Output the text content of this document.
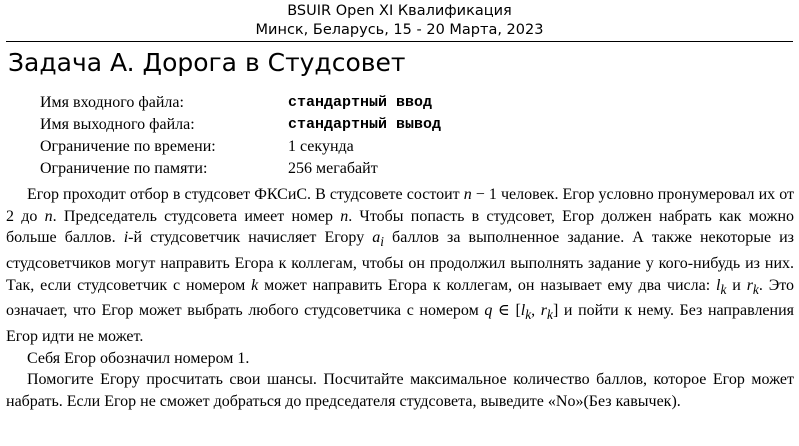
BSUIR Open XI Квалификация
Минск, Беларусь, 15 - 20 Марта, 2023
Задача A. Дорога в Студсовет
Имя входного файла:	стандартный ввод
Имя выходного файла:	стандартный вывод
Ограничение по времени:	1 секунда
Ограничение по памяти:	256 мегабайт

Егор проходит отбор в студсовет ФКСиС. В студсовете состоит n − 1 человек. Егор условно пронумеровал их от 2 до n. Председатель студсовета имеет номер n. Чтобы попасть в студсовет, Егор должен набрать как можно больше баллов. i-й студсоветчик начисляет Егору $a_i$ баллов за выполненное задание. А также некоторые из студсоветчиков могут направить Егора к коллегам, чтобы он продолжил выполнять задание у кого-нибудь из них. Так, если студсоветчик с номером k может направить Егора к коллегам, он называет ему два числа: $l_k$ и $r_k$. Это означает, что Егор может выбрать любого студсоветчика с номером q ∈ [$l_k$, $r_k$] и пойти к нему. Без направления Егор идти не может.

Себя Егор обозначил номером 1.

Помогите Егору просчитать свои шансы. Посчитайте максимальное количество баллов, которое Егор может набрать. Если Егор не сможет добраться до председателя студсовета, выведите «No»(Без кавычек).
